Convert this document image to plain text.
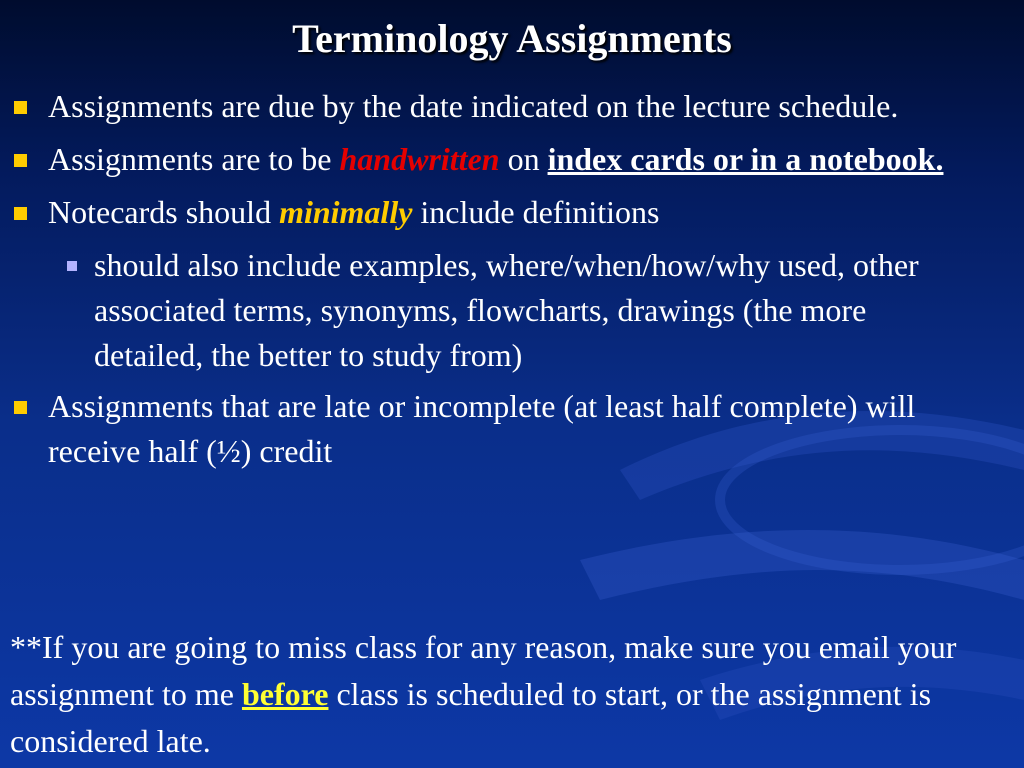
Terminology Assignments
Assignments are due by the date indicated on the lecture schedule.
Assignments are to be handwritten on index cards or in a notebook.
Notecards should minimally include definitions
should also include examples, where/when/how/why used, other associated terms, synonyms, flowcharts, drawings (the more detailed, the better to study from)
Assignments that are late or incomplete (at least half complete) will receive half (½) credit
**If you are going to miss class for any reason, make sure you email your assignment to me before class is scheduled to start, or the assignment is considered late.
